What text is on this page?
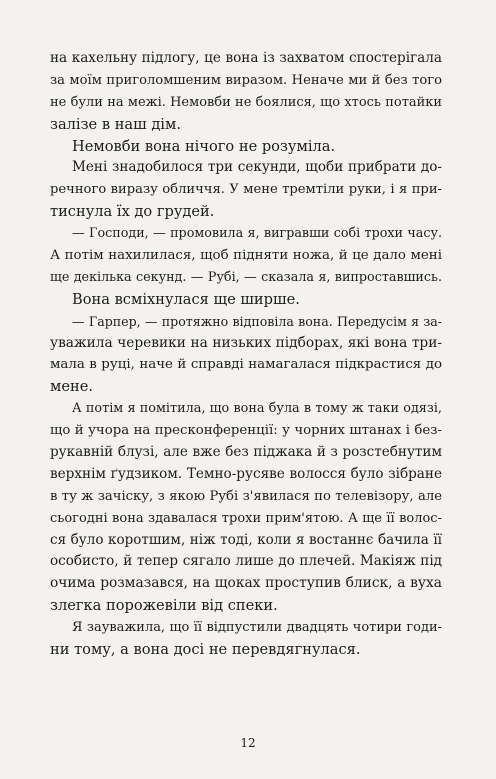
на кахельну підлогу, це вона із захватом спостерігала
за моїм приголомшеним виразом. Неначе ми й без того
не були на межі. Немовби не боялися, що хтось потайки
залізе в наш дім.
Немовби вона нічого не розуміла.
Мені знадобилося три секунди, щоби прибрати до-
речного виразу обличчя. У мене тремтіли руки, і я при-
тиснула їх до грудей.
— Господи, — промовила я, вигравши собі трохи часу.
А потім нахилилася, щоб підняти ножа, й це дало мені
ще декілька секунд. — Рубі, — сказала я, випроставшись.
Вона всміхнулася ще ширше.
— Гарпер, — протяжно відповіла вона. Передусім я за-
уважила черевики на низьких підборах, які вона три-
мала в руці, наче й справді намагалася підкрастися до
мене.
А потім я помітила, що вона була в тому ж таки одязі,
що й учора на пресконференції: у чорних штанах і без-
рукавній блузі, але вже без піджака й з розстебнутим
верхнім ґудзиком. Темно-русяве волосся було зібране
в ту ж зачіску, з якою Рубі з'явилася по телевізору, але
сьогодні вона здавалася трохи прим'ятою. А ще її волос-
ся було коротшим, ніж тоді, коли я востаннє бачила її
особисто, й тепер сягало лише до плечей. Макіяж під
очима розмазався, на щоках проступив блиск, а вуха
злегка порожевіли від спеки.
Я зауважила, що її відпустили двадцять чотири годи-
ни тому, а вона досі не перевдягнулася.
12
